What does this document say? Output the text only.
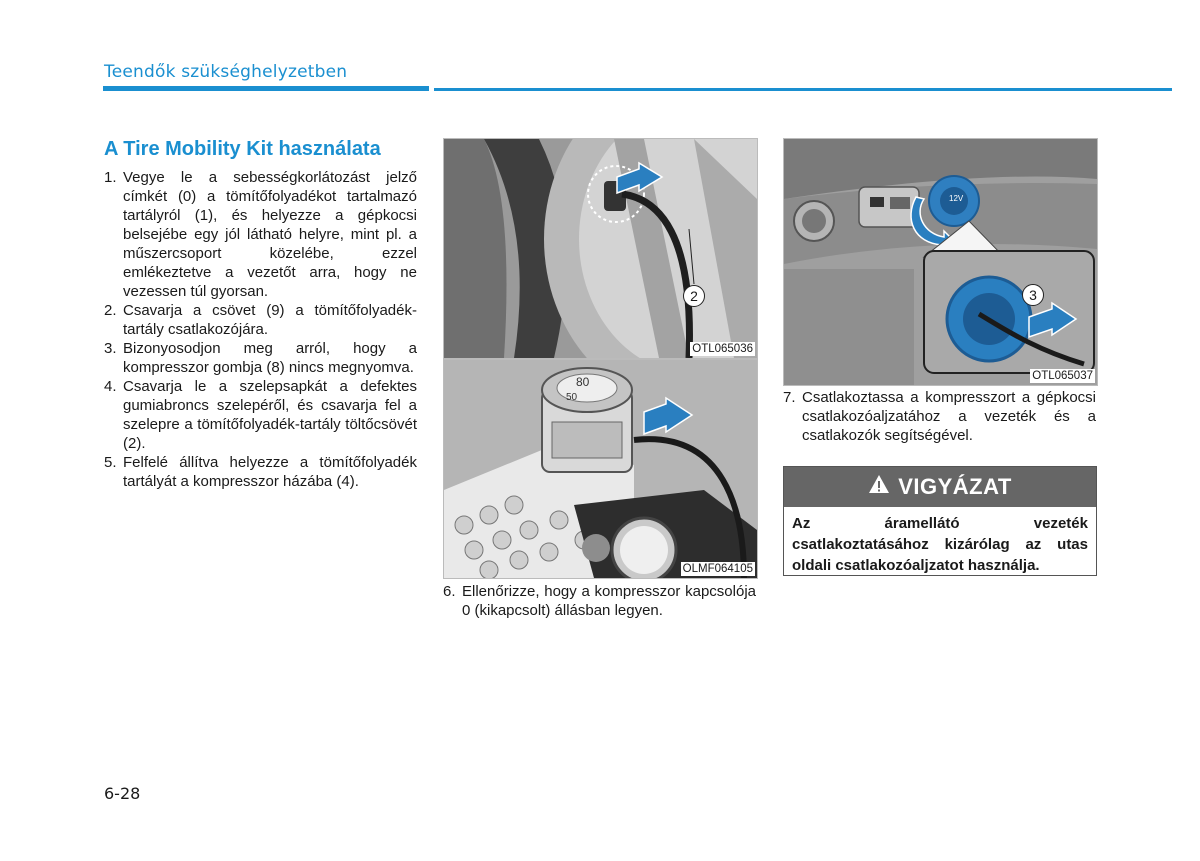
Teendők szükséghelyzetben
A Tire Mobility Kit használata
1. Vegye le a sebességkorlátozást jelző címkét (0) a tömítőfolyadékot tartalmazó tartályról (1), és helyezze a gépkocsi belsejébe egy jól látható helyre, mint pl. a műszercsoport közelébe, ezzel emlékeztetve a vezetőt arra, hogy ne vezessen túl gyorsan.
2. Csavarja a csövet (9) a tömítőfolyadék-tartály csatlakozójára.
3. Bizonyosodjon meg arról, hogy a kompresszor gombja (8) nincs megnyomva.
4. Csavarja le a szelepsapkát a defektes gumiabroncs szelepéről, és csavarja fel a szelepre a tömítőfolyadék-tartály töltőcsövét (2).
5. Felfelé állítva helyezze a tömítőfolyadék tartályát a kompresszor házába (4).
2
OTL065036
80
50
OLMF064105
12V
3
OTL065037
6. Ellenőrizze, hogy a kompresszor kapcsolója 0 (kikapcsolt) állásban legyen.
7. Csatlakoztassa a kompresszort a gépkocsi csatlakozóaljzatához a vezeték és a csatlakozók segítségével.
VIGYÁZAT
Az áramellátó vezeték csatlakoztatásához kizárólag az utas oldali csatlakozóaljzatot használja.
6-28
